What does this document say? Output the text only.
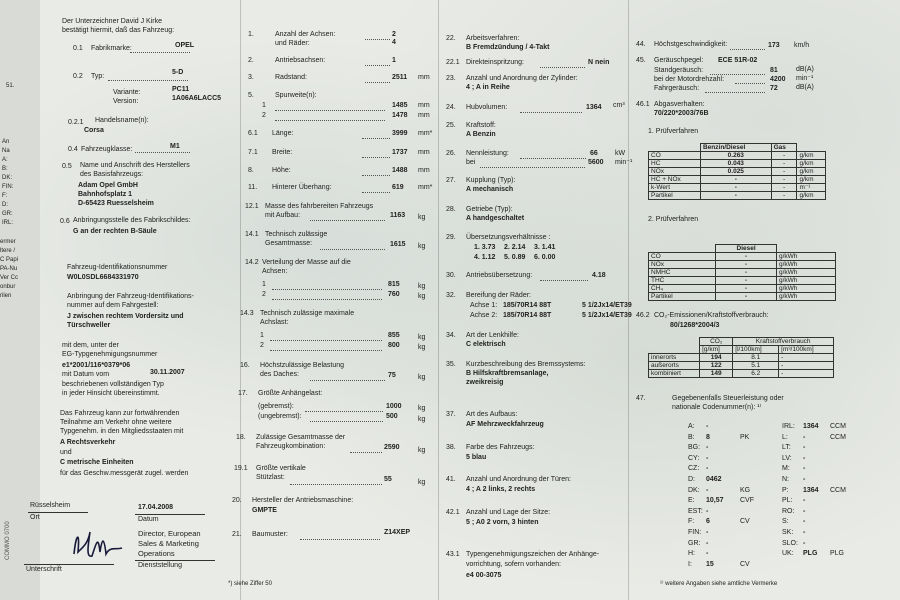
51.
Der Unterzeichner David J Kirke
bestätigt hiermit, daß das Fahrzeug:
0.1 Fabrikmarke:	OPEL
0.2 Typ:
5-D
Variante:	PC11
Version:	1A06A6LACC5
0.2.1 Handelsname(n):
Corsa
0.4 Fahrzeugklasse:	M1
0.5 Name und Anschrift des Herstellers
des Basisfahrzeugs:
Adam Opel GmbH
Bahnhofsplatz 1
D-65423 Ruesselsheim
0.6 Anbringungsstelle des Fabrikschildes:
G an der rechten B-Säule
Fahrzeug-Identifikationsnummer
W0L0SDL6684331970
Anbringung der Fahrzeug-Identifikations-
nummer auf dem Fahrgestell:
J zwischen rechtem Vordersitz und
Türschweller
mit dem, unter der
EG-Typgenehmigungsnummer
e1*2001/116*0379*06
mit Datum vom	30.11.2007
beschriebenen vollständigen Typ
in jeder Hinsicht übereinstimmt.
Das Fahrzeug kann zur fortwährenden
Teilnahme am Verkehr ohne weitere
Typgenehm. in den Mitgliedsstaaten mit
A Rechtsverkehr
und
C metrische Einheiten
für das Geschw.messgerät zugel. werden
Rüsselsheim
Ort
17.04.2008
Datum
Director, European
Sales & Marketing
Operations
Dienststellung
Unterschrift
COMMO 0700
	Benzin/Diesel	Gas	
CO	0.263	-	g/km
HC	0.043	-	g/km
NOx	0.025	-	g/km
HC + NOx	-	-	g/km
k-Wert	-	-	m⁻¹
Partikel	-	-	g/km
	Diesel	
CO	-	g/kWh
NOx	-	g/kWh
NMHC	-	g/kWh
THC	-	g/kWh
CH₄	-	g/kWh
Partikel	-	g/kWh
	CO₂	Kraftstoffverbrauch	
	[g/km]	[l/100km]	[m³/100km]
innerorts	194	8.1	-
außerorts	122	5.1	-
kombiniert	149	6.2	-
An
Na
A:
B:
DK:
FIN:
F:
D:
GR:
IRL:
ermer
ltere /
C Papi
PA-Nu
Ver Cc
onbur
rilen
1.	Anzahl der Achsen:	2
und Räder:	4
2.	Antriebsachsen:	1
3.	Radstand:	2511 mm
5.	Spurweite(n):
1	1485 mm
2	1478 mm
6.1 Länge:	3999 mm*
7.1 Breite:	1737 mm
8.	Höhe:	1488 mm
11. Hinterer Überhang:	619 mm*
12.1 Masse des fahrbereiten Fahrzeugs
mit Aufbau:	1163 kg
14.1 Technisch zulässige
Gesamtmasse:	1615 kg
14.2 Verteilung der Masse auf die
Achsen:
1	815	kg
2	760	kg
14.3 Technisch zulässige maximale
Achslast:
1	855	kg
2	800	kg
16. Höchstzulässige Belastung
des Daches:	75	kg
17. Größte Anhängelast:
(gebremst):	1000 kg
(ungebremst):	500	kg
18. Zulässige Gesamtmasse der
Fahrzeugkombination:	2590	kg
19.1 Größte vertikale
Stützlast:	55	kg
20. Hersteller der Antriebsmaschine:
GMPTE
21. Baumuster:	Z14XEP
*) siehe Ziffer 50
22. Arbeitsverfahren:
B Fremdzündung / 4-Takt
22.1 Direkteinspritzung:	N nein
23. Anzahl und Anordnung der Zylinder:
4 ; A in Reihe
24. Hubvolumen:	1364 cm³
25. Kraftstoff:
A Benzin
26. Nennleistung:	66 kW
bei	5600 min⁻¹
27. Kupplung (Typ):
A mechanisch
28. Getriebe (Typ):
A handgeschaltet
29. Übersetzungsverhältnisse :
1. 3.73 2. 2.14 3. 1.41
4. 1.12 5. 0.89 6. 0.00
30. Antriebsübersetzung:	4.18
32. Bereifung der Räder:
Achse 1: 185/70R14 88T	5 1/2Jx14/ET39
Achse 2: 185/70R14 88T	5 1/2Jx14/ET39
34. Art der Lenkhilfe:
C elektrisch
35. Kurzbeschreibung des Bremssystems:
B Hilfskraftbremsanlage,
zweikreisig
37. Art des Aufbaus:
AF Mehrzweckfahrzeug
38. Farbe des Fahrzeugs:
5 blau
41. Anzahl und Anordnung der Türen:
4 ; A 2 links, 2 rechts
42.1 Anzahl und Lage der Sitze:
5 ; A0 2 vorn, 3 hinten
43.1 Typengenehmigungszeichen der Anhänge-
vorrichtung, sofern vorhanden:
e4 00-3075
44. Höchstgeschwindigkeit:	173 km/h
45. Geräuschpegel: ECE 51R-02
Standgeräusch:	81	dB(A)
bei der Motordrehzahl:	4200 min⁻¹
Fahrgeräusch:	72	dB(A)
46.1 Abgasverhalten:
70/220*2003/76B
1. Prüfverfahren
2. Prüfverfahren
46.2 CO₂-Emissionen/Kraftstoffverbrauch:
80/1268*2004/3
47.	Gegebenenfalls Steuerleistung oder
nationale Codenummer(n): ¹⁾
¹⁾ weitere Angaben siehe amtliche Vermerke
A: -
B: 8	PK
BG: -
CY: -
CZ: -
D: 0462
DK: -	KG
E: 10,57 CVF
EST: -
F: 6	CV
FIN: -
GR: -
H: -
I: 15	CV
IRL: 1364 CCM
L: -	CCM
LT: -
LV: -
M: -
N: -
P: 1364 CCM
PL: -
RO: -
S: -
SK: -
SLO: -
UK: PLG PLG
